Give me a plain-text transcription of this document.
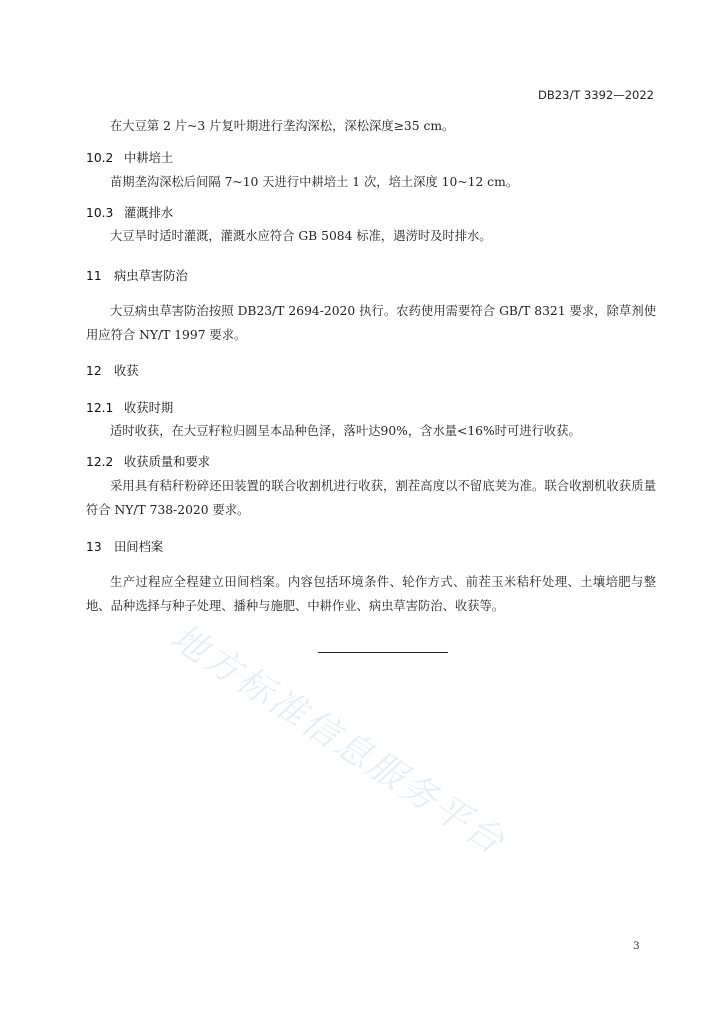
DB23/T 3392—2022

在大豆第 2 片~3 片复叶期进行垄沟深松，深松深度≥35 cm。

10.2 中耕培土

苗期垄沟深松后间隔 7~10 天进行中耕培土 1 次，培土深度 10~12 cm。

10.3 灌溉排水

大豆旱时适时灌溉，灌溉水应符合 GB 5084 标准，遇涝时及时排水。

11 病虫草害防治

大豆病虫草害防治按照 DB23/T 2694-2020 执行。农药使用需要符合 GB/T 8321 要求，除草剂使用应符合 NY/T 1997 要求。

12 收获
12.1 收获时期

适时收获，在大豆籽粒归圆呈本品种色泽，落叶达90%，含水量<16%时可进行收获。

12.2 收获质量和要求

采用具有秸秆粉碎还田装置的联合收割机进行收获，割茬高度以不留底荚为准。联合收割机收获质量符合 NY/T 738-2020 要求。

13 田间档案

生产过程应全程建立田间档案。内容包括环境条件、轮作方式、前茬玉米秸秆处理、土壤培肥与整地、品种选择与种子处理、播种与施肥、中耕作业、病虫草害防治、收获等。

地方标准信息服务平台
3
